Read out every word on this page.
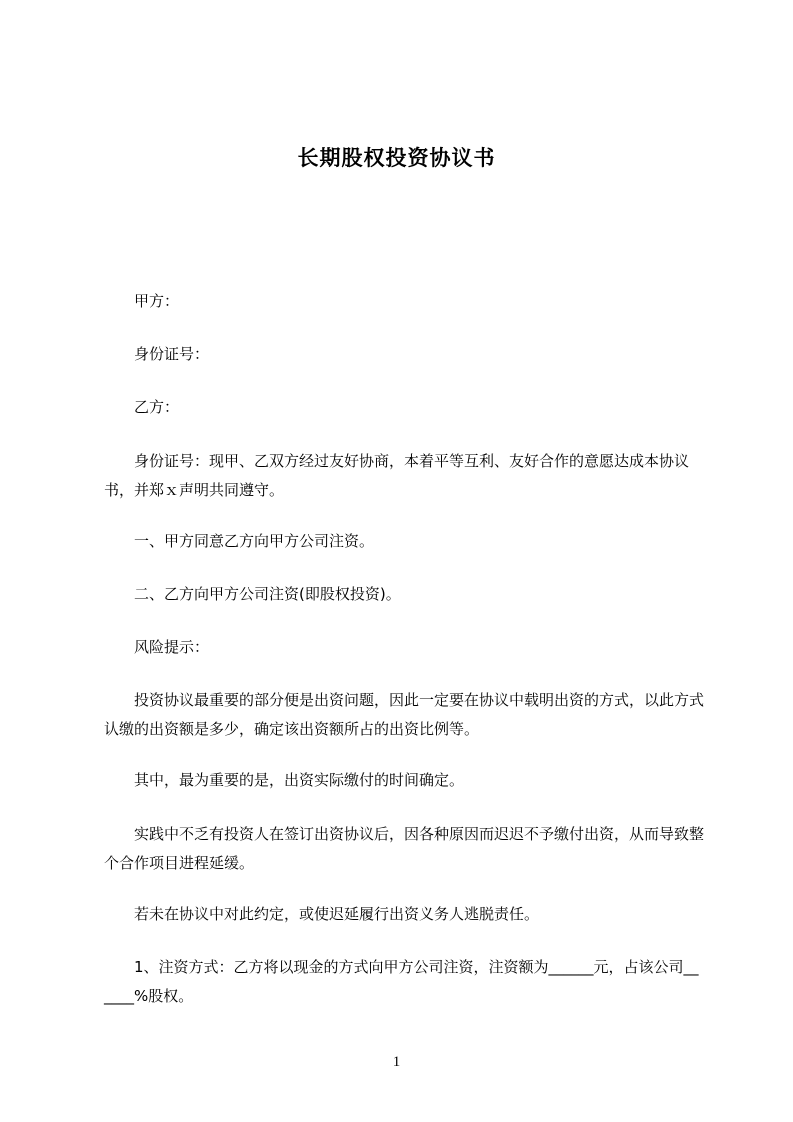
长期股权投资协议书

甲方：

身份证号：

乙方：

身份证号：现甲、乙双方经过友好协商，本着平等互利、友好合作的意愿达成本协议书，并郑ｘ声明共同遵守。

一、甲方同意乙方向甲方公司注资。

二、乙方向甲方公司注资(即股权投资)。

风险提示：

投资协议最重要的部分便是出资问题，因此一定要在协议中载明出资的方式，以此方式认缴的出资额是多少，确定该出资额所占的出资比例等。

其中，最为重要的是，出资实际缴付的时间确定。

实践中不乏有投资人在签订出资协议后，因各种原因而迟迟不予缴付出资，从而导致整个合作项目进程延缓。

若未在协议中对此约定，或使迟延履行出资义务人逃脱责任。

1、注资方式：乙方将以现金的方式向甲方公司注资，注资额为______元，占该公司______%股权。

1
